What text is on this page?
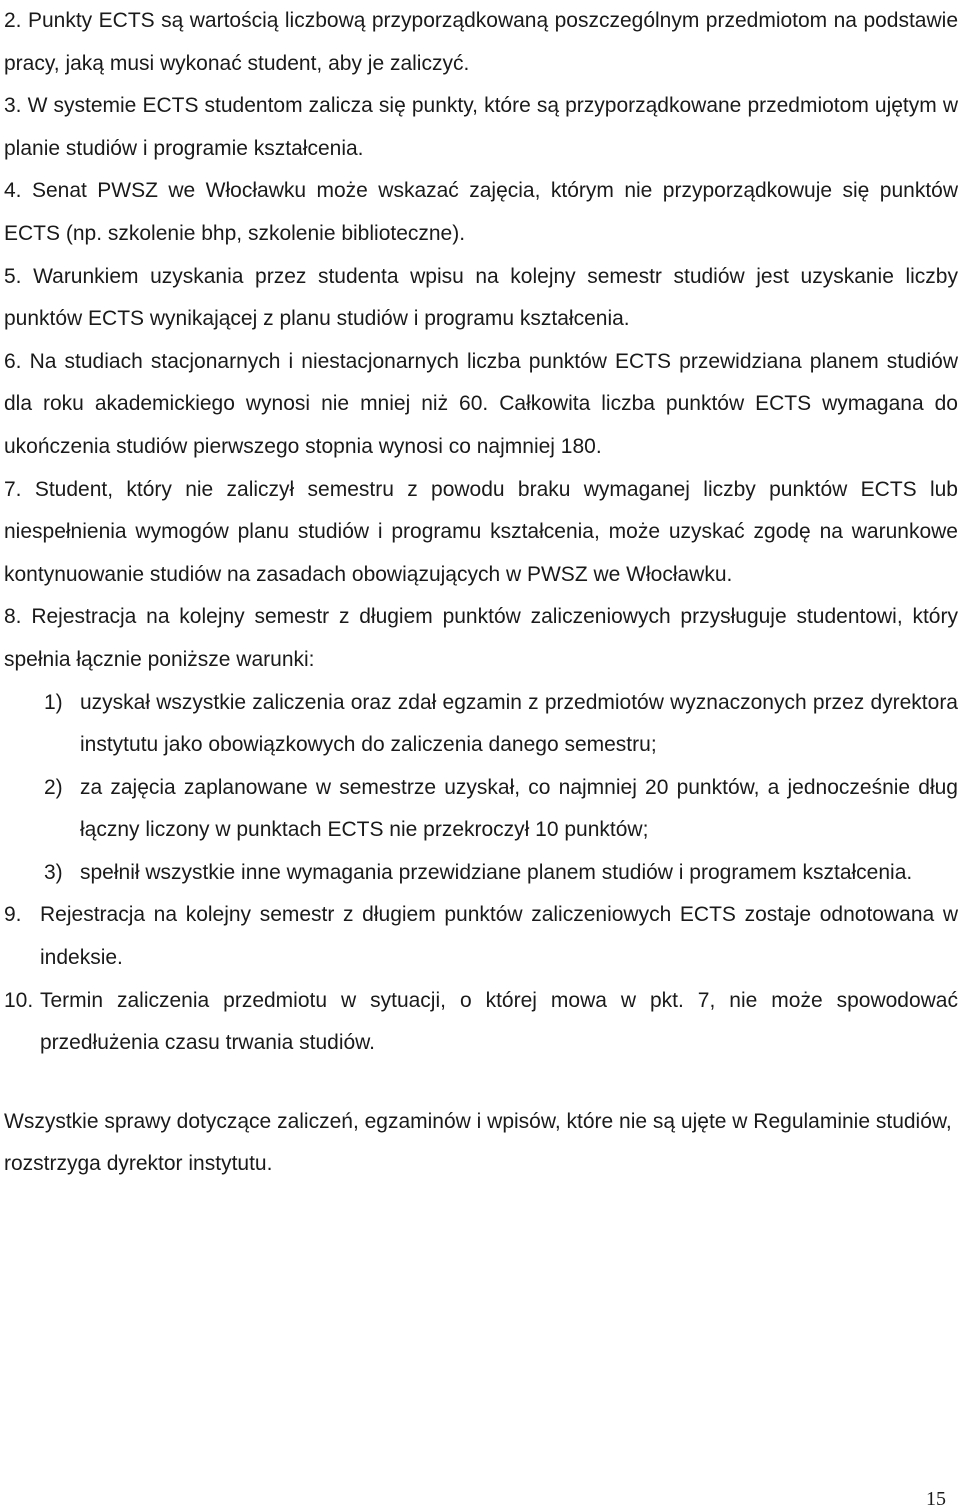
2. Punkty ECTS są wartością liczbową przyporządkowaną poszczególnym przedmiotom na podstawie pracy, jaką musi wykonać student, aby je zaliczyć.

3. W systemie ECTS studentom zalicza się punkty, które są przyporządkowane przedmiotom ujętym w planie studiów i programie kształcenia.

4. Senat PWSZ we Włocławku może wskazać zajęcia, którym nie przyporządkowuje się punktów ECTS (np. szkolenie bhp, szkolenie biblioteczne).

5. Warunkiem uzyskania przez studenta wpisu na kolejny semestr studiów jest uzyskanie liczby punktów ECTS wynikającej z planu studiów i programu kształcenia.

6. Na studiach stacjonarnych i niestacjonarnych liczba punktów ECTS przewidziana planem studiów dla roku akademickiego wynosi nie mniej niż 60. Całkowita liczba punktów ECTS wymagana do ukończenia studiów pierwszego stopnia wynosi co najmniej 180.

7. Student, który nie zaliczył semestru z powodu braku wymaganej liczby punktów ECTS lub niespełnienia wymogów planu studiów i programu kształcenia, może uzyskać zgodę na warunkowe kontynuowanie studiów na zasadach obowiązujących w PWSZ we Włocławku.

8. Rejestracja na kolejny semestr z długiem punktów zaliczeniowych przysługuje studentowi, który spełnia łącznie poniższe warunki:

1) uzyskał wszystkie zaliczenia oraz zdał egzamin z przedmiotów wyznaczonych przez dyrektora instytutu jako obowiązkowych do zaliczenia danego semestru;

2) za zajęcia zaplanowane w semestrze uzyskał, co najmniej 20 punktów, a jednocześnie dług łączny liczony w punktach ECTS nie przekroczył 10 punktów;

3) spełnił wszystkie inne wymagania przewidziane planem studiów i programem kształcenia.

9. Rejestracja na kolejny semestr z długiem punktów zaliczeniowych ECTS zostaje odnotowana w indeksie.

10. Termin zaliczenia przedmiotu w sytuacji, o której mowa w pkt. 7, nie może spowodować przedłużenia czasu trwania studiów.

Wszystkie sprawy dotyczące zaliczeń, egzaminów i wpisów, które nie są ujęte w Regulaminie studiów, rozstrzyga dyrektor instytutu.

15
